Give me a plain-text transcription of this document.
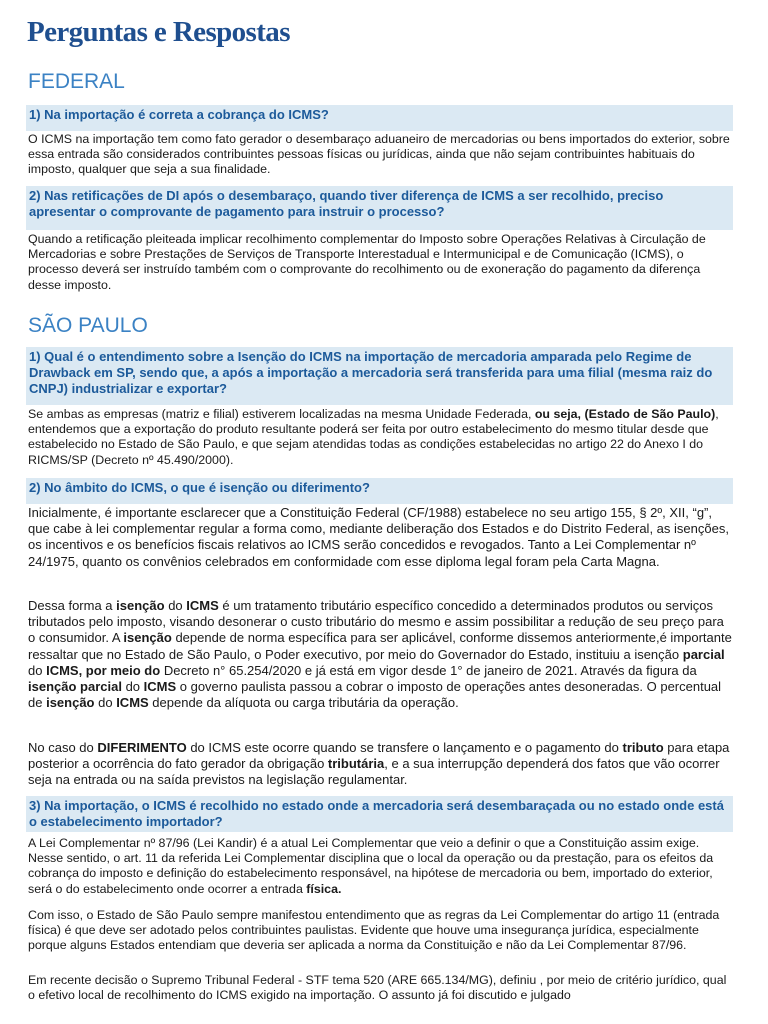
Perguntas e Respostas
FEDERAL
1) Na importação é correta a cobrança do ICMS?

O ICMS na importação tem como fato gerador o desembaraço aduaneiro de mercadorias ou bens importados do exterior, sobre essa entrada são considerados contribuintes pessoas físicas ou jurídicas, ainda que não sejam contribuintes habituais do imposto, qualquer que seja a sua finalidade.

2) Nas retificações de DI após o desembaraço, quando tiver diferença de ICMS a ser recolhido, preciso apresentar o comprovante de pagamento para instruir o processo?

Quando a retificação pleiteada implicar recolhimento complementar do Imposto sobre Operações Relativas à Circulação de Mercadorias e sobre Prestações de Serviços de Transporte Interestadual e Intermunicipal e de Comunicação (ICMS), o processo deverá ser instruído também com o comprovante do recolhimento ou de exoneração do pagamento da diferença desse imposto.

SÃO PAULO
1) Qual é o entendimento sobre a Isenção do ICMS na importação de mercadoria amparada pelo Regime de Drawback em SP, sendo que, a após a importação a mercadoria será transferida para uma filial (mesma raiz do CNPJ) industrializar e exportar?

Se ambas as empresas (matriz e filial) estiverem localizadas na mesma Unidade Federada, ou seja, (Estado de São Paulo), entendemos que a exportação do produto resultante poderá ser feita por outro estabelecimento do mesmo titular desde que estabelecido no Estado de São Paulo, e que sejam atendidas todas as condições estabelecidas no artigo 22 do Anexo I do RICMS/SP (Decreto nº 45.490/2000).

2) No âmbito do ICMS, o que é isenção ou diferimento?

Inicialmente, é importante esclarecer que a Constituição Federal (CF/1988) estabelece no seu artigo 155, § 2º, XII, “g”, que cabe à lei complementar regular a forma como, mediante deliberação dos Estados e do Distrito Federal, as isenções, os incentivos e os benefícios fiscais relativos ao ICMS serão concedidos e revogados. Tanto a Lei Complementar nº 24/1975, quanto os convênios celebrados em conformidade com esse diploma legal foram pela Carta Magna.

Dessa forma a isenção do ICMS é um tratamento tributário específico concedido a determinados produtos ou serviços tributados pelo imposto, visando desonerar o custo tributário do mesmo e assim possibilitar a redução de seu preço para o consumidor. A isenção depende de norma específica para ser aplicável, conforme dissemos anteriormente,é importante ressaltar que no Estado de São Paulo, o Poder executivo, por meio do Governador do Estado, instituiu a isenção parcial do ICMS, por meio do Decreto n° 65.254/2020 e já está em vigor desde 1° de janeiro de 2021. Através da figura da isenção parcial do ICMS o governo paulista passou a cobrar o imposto de operações antes desoneradas. O percentual de isenção do ICMS depende da alíquota ou carga tributária da operação.

No caso do DIFERIMENTO do ICMS este ocorre quando se transfere o lançamento e o pagamento do tributo para etapa posterior a ocorrência do fato gerador da obrigação tributária, e a sua interrupção dependerá dos fatos que vão ocorrer seja na entrada ou na saída previstos na legislação regulamentar.

3) Na importação, o ICMS é recolhido no estado onde a mercadoria será desembaraçada ou no estado onde está o estabelecimento importador?

A Lei Complementar nº 87/96 (Lei Kandir) é a atual Lei Complementar que veio a definir o que a Constituição assim exige. Nesse sentido, o art. 11 da referida Lei Complementar disciplina que o local da operação ou da prestação, para os efeitos da cobrança do imposto e definição do estabelecimento responsável, na hipótese de mercadoria ou bem, importado do exterior, será o do estabelecimento onde ocorrer a entrada física.

Com isso, o Estado de São Paulo sempre manifestou entendimento que as regras da Lei Complementar do artigo 11 (entrada física) é que deve ser adotado pelos contribuintes paulistas. Evidente que houve uma insegurança jurídica, especialmente porque alguns Estados entendiam que deveria ser aplicada a norma da Constituição e não da Lei Complementar 87/96.

Em recente decisão o Supremo Tribunal Federal - STF tema 520 (ARE 665.134/MG), definiu , por meio de critério jurídico, qual o efetivo local de recolhimento do ICMS exigido na importação. O assunto já foi discutido e julgado
